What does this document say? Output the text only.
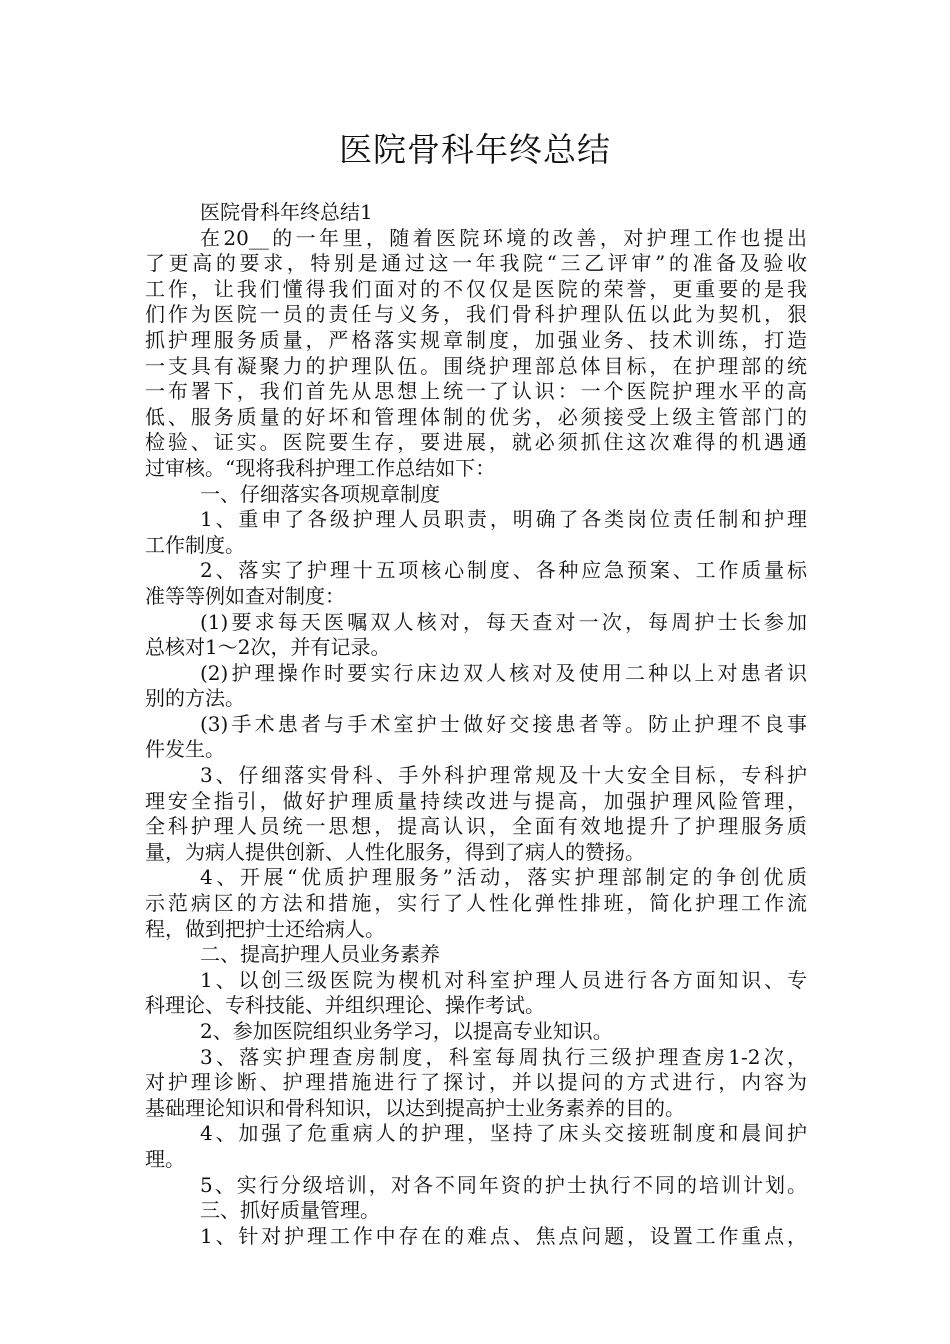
医院骨科年终总结
医院骨科年终总结1
在20__的一年里，随着医院环境的改善，对护理工作也提出
了更高的要求，特别是通过这一年我院“三乙评审”的准备及验收
工作，让我们懂得我们面对的不仅仅是医院的荣誉，更重要的是我
们作为医院一员的责任与义务，我们骨科护理队伍以此为契机，狠
抓护理服务质量，严格落实规章制度，加强业务、技术训练，打造
一支具有凝聚力的护理队伍。围绕护理部总体目标，在护理部的统
一布署下，我们首先从思想上统一了认识：一个医院护理水平的高
低、服务质量的好坏和管理体制的优劣，必须接受上级主管部门的
检验、证实。医院要生存，要进展，就必须抓住这次难得的机遇通
过审核。“现将我科护理工作总结如下：
一、仔细落实各项规章制度
1、重申了各级护理人员职责，明确了各类岗位责任制和护理
工作制度。
2、落实了护理十五项核心制度、各种应急预案、工作质量标
准等等例如查对制度：
(1)要求每天医嘱双人核对，每天查对一次，每周护士长参加
总核对1～2次，并有记录。
(2)护理操作时要实行床边双人核对及使用二种以上对患者识
别的方法。
(3)手术患者与手术室护士做好交接患者等。防止护理不良事
件发生。
3、仔细落实骨科、手外科护理常规及十大安全目标，专科护
理安全指引，做好护理质量持续改进与提高，加强护理风险管理，
全科护理人员统一思想，提高认识，全面有效地提升了护理服务质
量，为病人提供创新、人性化服务，得到了病人的赞扬。
4、开展“优质护理服务”活动，落实护理部制定的争创优质
示范病区的方法和措施，实行了人性化弹性排班，简化护理工作流
程，做到把护士还给病人。
二、提高护理人员业务素养
1、以创三级医院为楔机对科室护理人员进行各方面知识、专
科理论、专科技能、并组织理论、操作考试。
2、参加医院组织业务学习，以提高专业知识。
3、落实护理查房制度，科室每周执行三级护理查房1-2次，
对护理诊断、护理措施进行了探讨，并以提问的方式进行，内容为
基础理论知识和骨科知识，以达到提高护士业务素养的目的。
4、加强了危重病人的护理，坚持了床头交接班制度和晨间护
理。
5、实行分级培训，对各不同年资的护士执行不同的培训计划。
三、抓好质量管理。
1、针对护理工作中存在的难点、焦点问题，设置工作重点，
